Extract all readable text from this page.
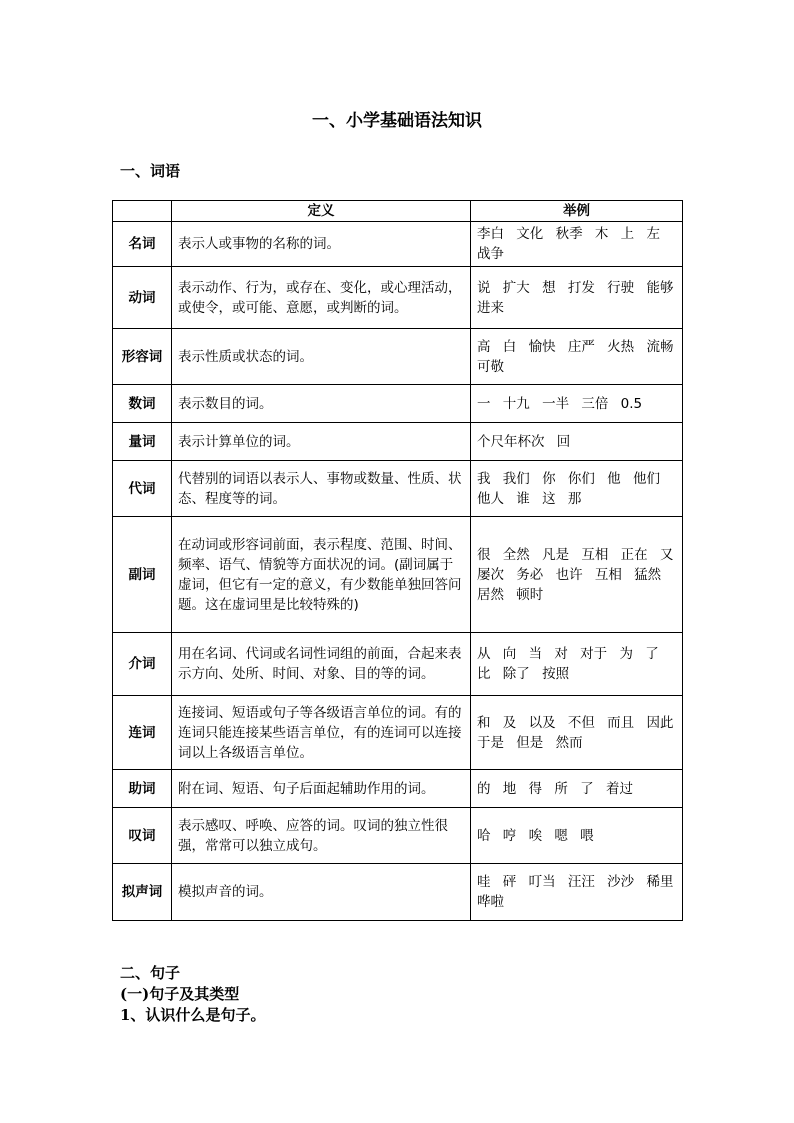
一、小学基础语法知识
一、词语
	定义	举例
名词	表示人或事物的名称的词。	李白 文化 秋季 木 上 左 战争
动词	表示动作、行为，或存在、变化，或心理活动，或使令，或可能、意愿，或判断的词。	说 扩大 想 打发 行驶 能够 进来
形容词	表示性质或状态的词。	高 白 愉快 庄严 火热 流畅 可敬
数词	表示数目的词。	一 十九 一半 三倍 0.5
量词	表示计算单位的词。	个尺年杯次 回
代词	代替别的词语以表示人、事物或数量、性质、状态、程度等的词。	我 我们 你 你们 他 他们 他人 谁 这 那
副词	在动词或形容词前面，表示程度、范围、时间、频率、语气、情貌等方面状况的词。(副词属于虚词，但它有一定的意义，有少数能单独回答问题。这在虚词里是比较特殊的)	很 全然 凡是 互相 正在 又 屡次 务必 也许 互相 猛然 居然 顿时
介词	用在名词、代词或名词性词组的前面，合起来表示方向、处所、时间、对象、目的等的词。	从 向 当 对 对于 为 了 比 除了 按照
连词	连接词、短语或句子等各级语言单位的词。有的连词只能连接某些语言单位，有的连词可以连接词以上各级语言单位。	和 及 以及 不但 而且 因此 于是 但是 然而
助词	附在词、短语、句子后面起辅助作用的词。	的 地 得 所 了 着过
叹词	表示感叹、呼唤、应答的词。叹词的独立性很强，常常可以独立成句。	哈 哼 唉 嗯 喂
拟声词	模拟声音的词。	哇 砰 叮当 汪汪 沙沙 稀里哗啦
二、句子
(一)句子及其类型
1、认识什么是句子。
